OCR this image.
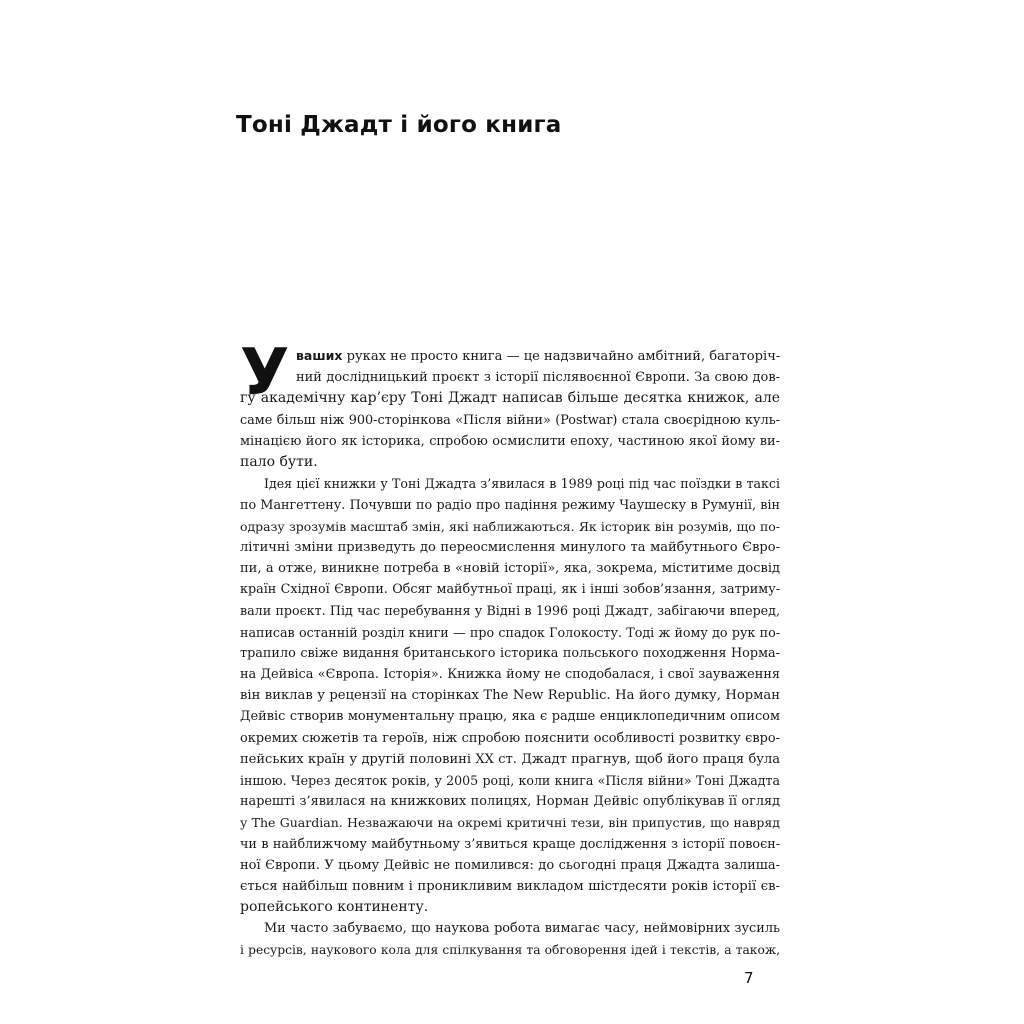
Тоні Джадт і його книга
У ваших руках не просто книга — це надзвичайно амбітний, багаторіч-
ний дослідницький проєкт з історії післявоєнної Європи. За свою дов-
гу академічну кар’єру Тоні Джадт написав більше десятка книжок, але
саме більш ніж 900-сторінкова «Після війни» (Postwar) стала своєрідною куль-
мінацією його як історика, спробою осмислити епоху, частиною якої йому ви-
пало бути.
Ідея цієї книжки у Тоні Джадта з’явилася в 1989 році під час поїздки в таксі
по Мангеттену. Почувши по радіо про падіння режиму Чаушеску в Румунії, він
одразу зрозумів масштаб змін, які наближаються. Як історик він розумів, що по-
літичні зміни призведуть до переосмислення минулого та майбутнього Євро-
пи, а отже, виникне потреба в «новій історії», яка, зокрема, міститиме досвід
країн Східної Європи. Обсяг майбутньої праці, як і інші зобов’язання, затриму-
вали проєкт. Під час перебування у Відні в 1996 році Джадт, забігаючи вперед,
написав останній розділ книги — про спадок Голокосту. Тоді ж йому до рук по-
трапило свіже видання британського історика польського походження Норма-
на Дейвіса «Європа. Історія». Книжка йому не сподобалася, і свої зауваження
він виклав у рецензії на сторінках The New Republic. На його думку, Норман
Дейвіс створив монументальну працю, яка є радше енциклопедичним описом
окремих сюжетів та героїв, ніж спробою пояснити особливості розвитку євро-
пейських країн у другій половині XX ст. Джадт прагнув, щоб його праця була
іншою. Через десяток років, у 2005 році, коли книга «Після війни» Тоні Джадта
нарешті з’явилася на книжкових полицях, Норман Дейвіс опублікував її огляд
у The Guardian. Незважаючи на окремі критичні тези, він припустив, що навряд
чи в найближчому майбутньому з’явиться краще дослідження з історії повоєн-
ної Європи. У цьому Дейвіс не помилився: до сьогодні праця Джадта залиша-
ється найбільш повним і проникливим викладом шістдесяти років історії єв-
ропейського континенту.
Ми часто забуваємо, що наукова робота вимагає часу, неймовірних зусиль
і ресурсів, наукового кола для спілкування та обговорення ідей і текстів, а також,
7
